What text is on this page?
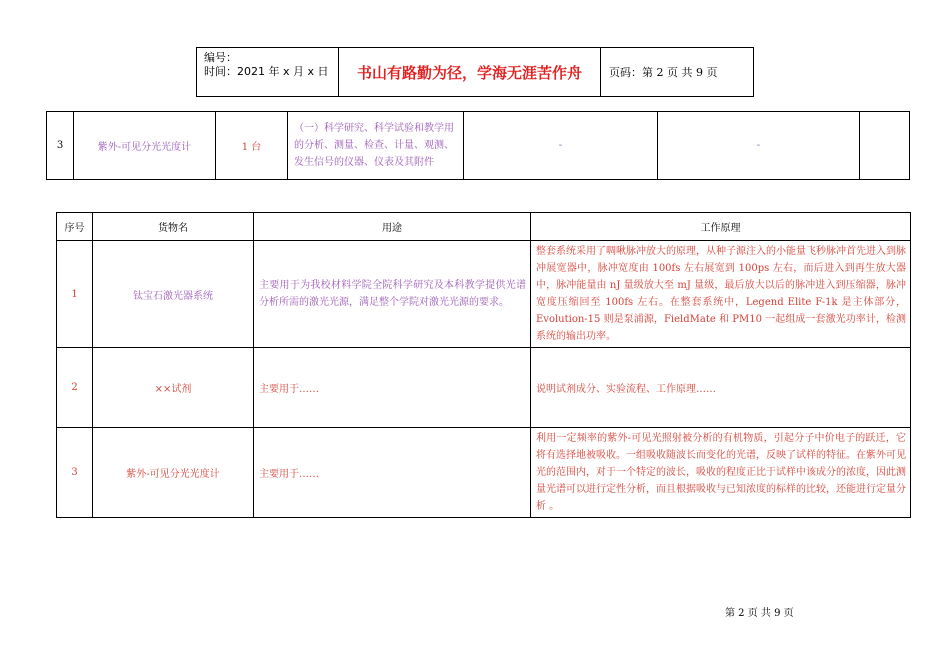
编号：
时间：2021 年 x 月 x 日	书山有路勤为径，学海无涯苦作舟	页码：第 2 页 共 9 页
3	紫外-可见分光光度计	1 台	（一）科学研究、科学试验和教学用的分析、测量、检查、计量、观测、发生信号的仪器、仪表及其附件	-	-		
序号	货物名	用途	工作原理
1	钛宝石激光器系统	主要用于为我校材料学院全院科学研究及本科教学提供光谱分析所需的激光光源，满足整个学院对激光光源的要求。	整套系统采用了啁啾脉冲放大的原理，从种子源注入的小能量飞秒脉冲首先进入到脉冲展宽器中，脉冲宽度由 100fs 左右展宽到 100ps 左右，而后进入到再生放大器中，脉冲能量由 nJ 量级放大至 mJ 量级，最后放大以后的脉冲进入到压缩器，脉冲宽度压缩回至 100fs 左右。在整套系统中，Legend Elite F-1k 是主体部分，Evolution-15 则是泵浦源，FieldMate 和 PM10 一起组成一套激光功率计，检测系统的输出功率。
2	××试剂	主要用于……	说明试剂成分、实验流程、工作原理……
3	紫外-可见分光光度计	主要用于……	利用一定频率的紫外-可见光照射被分析的有机物质，引起分子中价电子的跃迁，它将有选择地被吸收。一组吸收随波长而变化的光谱，反映了试样的特征。在紫外可见光的范围内，对于一个特定的波长，吸收的程度正比于试样中该成分的浓度，因此测量光谱可以进行定性分析，而且根据吸收与已知浓度的标样的比较，还能进行定量分析 。
第 2 页 共 9 页
